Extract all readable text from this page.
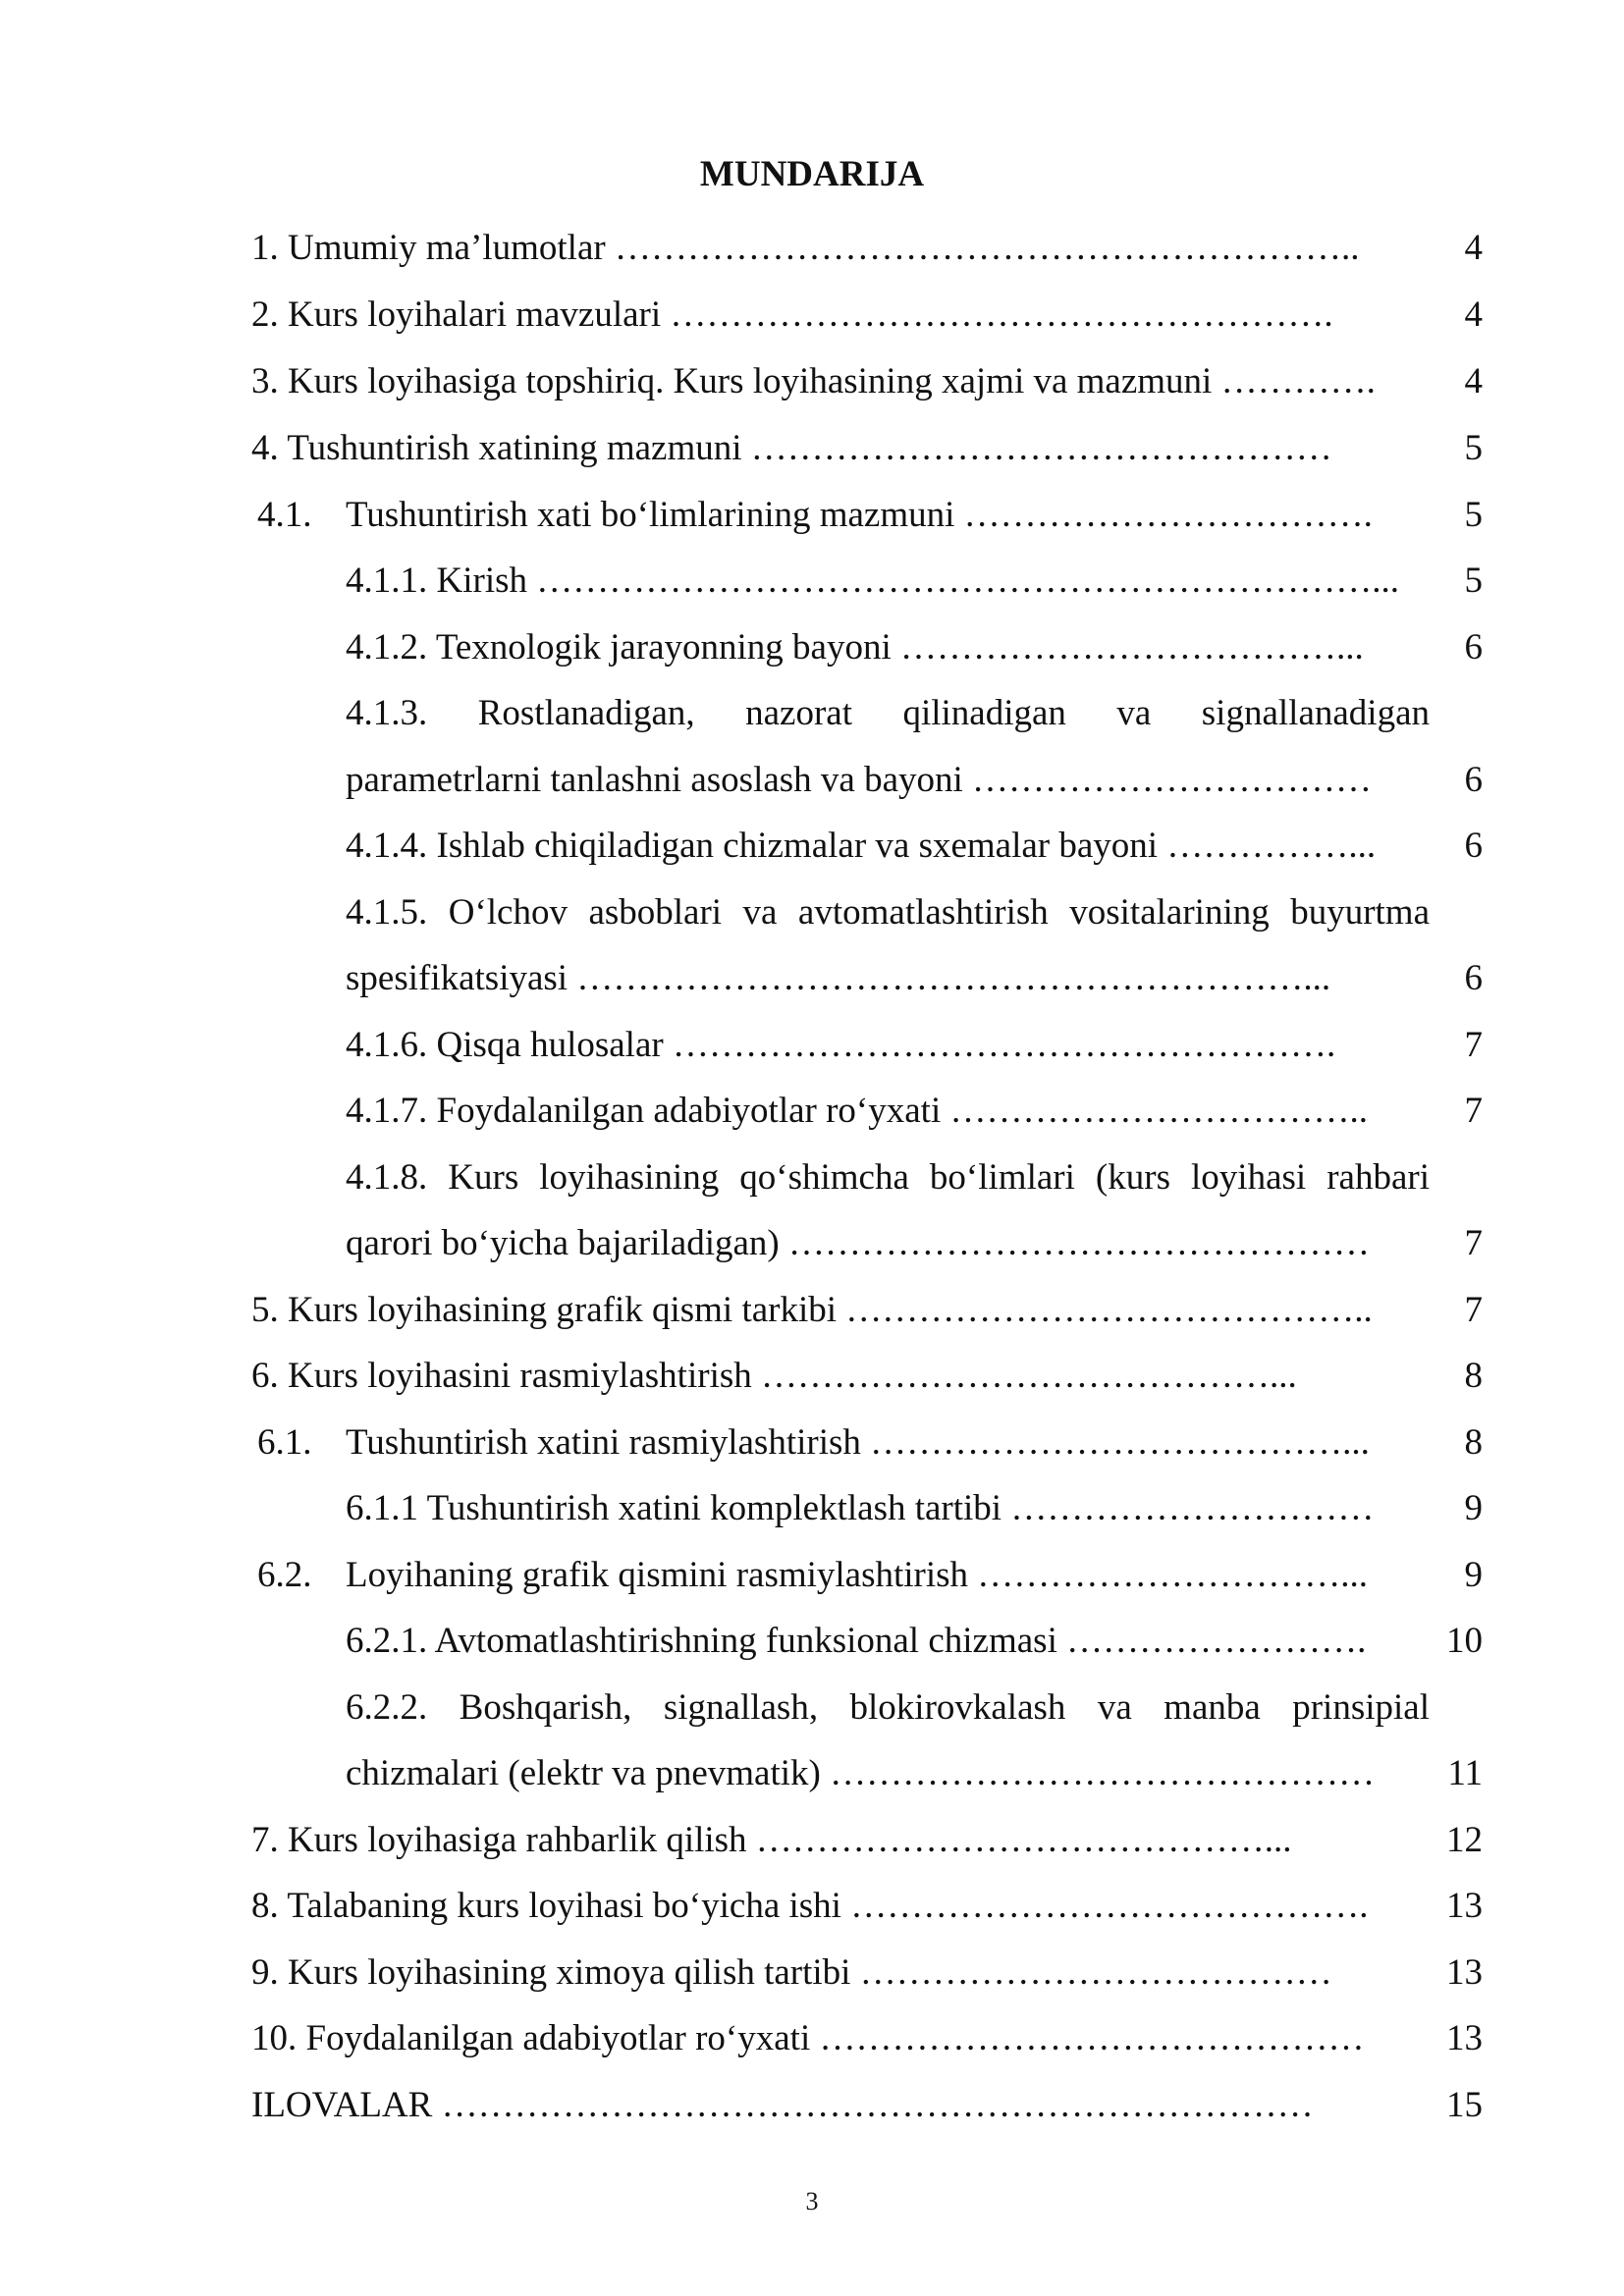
MUNDARIJA
1. Umumiy ma’lumotlar ……………………………………………………..	4
2. Kurs loyihalari mavzulari ……………………………………………….	4
3. Kurs loyihasiga topshiriq. Kurs loyihasining xajmi va mazmuni ………….	4
4. Tushuntirish xatining mazmuni …………………………………………	5
4.1. Tushuntirish xati bo‘limlarining mazmuni …………………………….	5
4.1.1. Kirish ……………………………………………………………...	5
4.1.2. Texnologik jarayonning bayoni ………………………………...	6
4.1.3. Rostlanadigan, nazorat qilinadigan va signallanadigan
parametrlarni tanlashni asoslash va bayoni ……………………………	6
4.1.4. Ishlab chiqiladigan chizmalar va sxemalar bayoni ……………...	6
4.1.5. O‘lchov asboblari va avtomatlashtirish vositalarining buyurtma
spesifikatsiyasi ……………………………………………………...	6
4.1.6. Qisqa hulosalar ……………………………………………….	7
4.1.7. Foydalanilgan adabiyotlar ro‘yxati ……………………………..	7
4.1.8. Kurs loyihasining qo‘shimcha bo‘limlari (kurs loyihasi rahbari
qarori bo‘yicha bajariladigan) …………………………………………	7
5. Kurs loyihasining grafik qismi tarkibi ……………………………………..	7
6. Kurs loyihasini rasmiylashtirish ……………………………………...	8
6.1. Tushuntirish xatini rasmiylashtirish …………………………………...	8
6.1.1 Tushuntirish xatini komplektlash tartibi …………………………	9
6.2. Loyihaning grafik qismini rasmiylashtirish …………………………...	9
6.2.1. Avtomatlashtirishning funksional chizmasi …………………….	10
6.2.2. Boshqarish, signallash, blokirovkalash va manba prinsipial
chizmalari (elektr va pnevmatik) ………………………………………	11
7. Kurs loyihasiga rahbarlik qilish ……………………………………...	12
8. Talabaning kurs loyihasi bo‘yicha ishi …………………………………….	13
9. Kurs loyihasining ximoya qilish tartibi …………………………………	13
10. Foydalanilgan adabiyotlar ro‘yxati ………………………………………	13
ILOVALAR ………………………………………………………………	15
3
